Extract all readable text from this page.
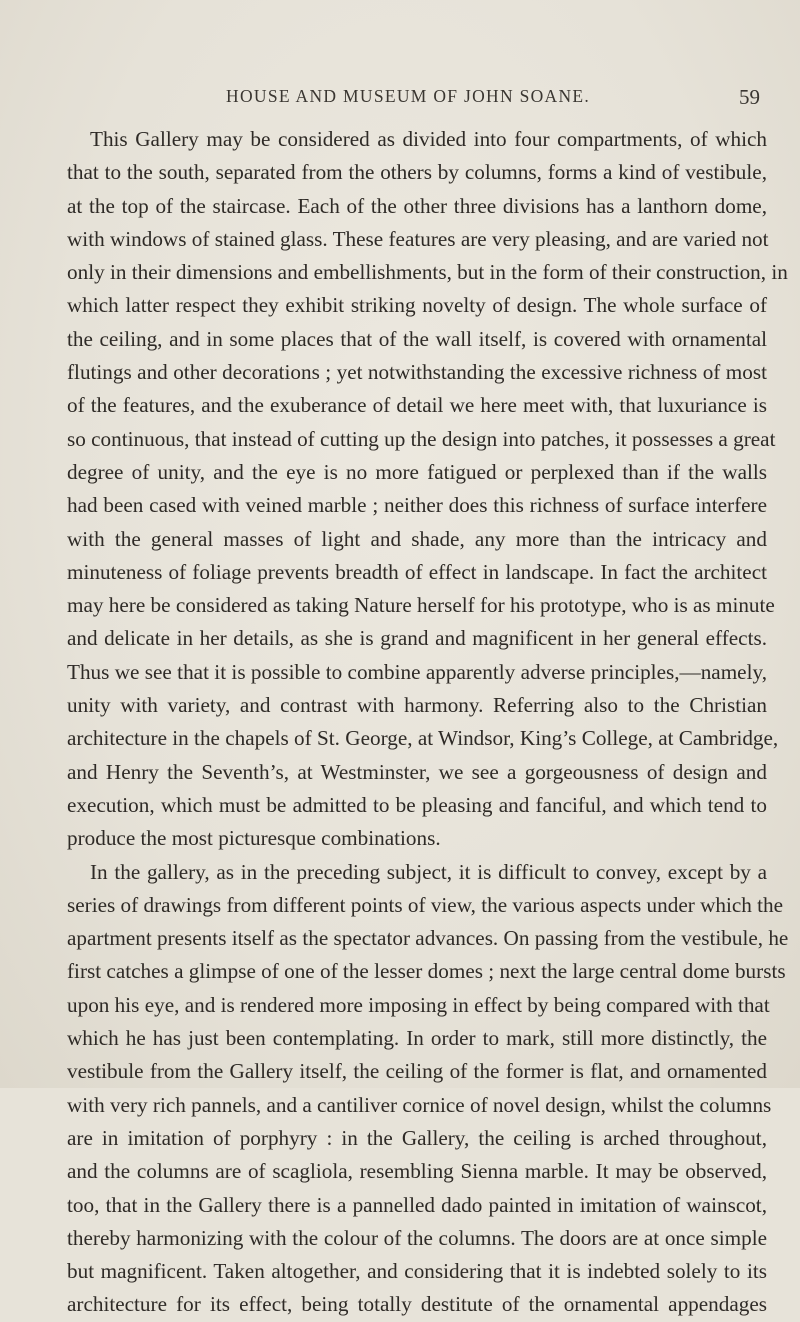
HOUSE AND MUSEUM OF JOHN SOANE.	59

This Gallery may be considered as divided into four compartments, of which
that to the south, separated from the others by columns, forms a kind of vestibule,
at the top of the staircase. Each of the other three divisions has a lanthorn dome,
with windows of stained glass. These features are very pleasing, and are varied not
only in their dimensions and embellishments, but in the form of their construction, in
which latter respect they exhibit striking novelty of design. The whole surface of
the ceiling, and in some places that of the wall itself, is covered with ornamental
flutings and other decorations ; yet notwithstanding the excessive richness of most
of the features, and the exuberance of detail we here meet with, that luxuriance is
so continuous, that instead of cutting up the design into patches, it possesses a great
degree of unity, and the eye is no more fatigued or perplexed than if the walls
had been cased with veined marble ; neither does this richness of surface interfere
with the general masses of light and shade, any more than the intricacy and
minuteness of foliage prevents breadth of effect in landscape. In fact the architect
may here be considered as taking Nature herself for his prototype, who is as minute
and delicate in her details, as she is grand and magnificent in her general effects.
Thus we see that it is possible to combine apparently adverse principles,—namely,
unity with variety, and contrast with harmony. Referring also to the Christian
architecture in the chapels of St. George, at Windsor, King’s College, at Cambridge,
and Henry the Seventh’s, at Westminster, we see a gorgeousness of design and
execution, which must be admitted to be pleasing and fanciful, and which tend to
produce the most picturesque combinations.

In the gallery, as in the preceding subject, it is difficult to convey, except by a
series of drawings from different points of view, the various aspects under which the
apartment presents itself as the spectator advances. On passing from the vestibule, he
first catches a glimpse of one of the lesser domes ; next the large central dome bursts
upon his eye, and is rendered more imposing in effect by being compared with that
which he has just been contemplating. In order to mark, still more distinctly, the
vestibule from the Gallery itself, the ceiling of the former is flat, and ornamented
with very rich pannels, and a cantiliver cornice of novel design, whilst the columns
are in imitation of porphyry : in the Gallery, the ceiling is arched throughout,
and the columns are of scagliola, resembling Sienna marble. It may be observed,
too, that in the Gallery there is a pannelled dado painted in imitation of wainscot,
thereby harmonizing with the colour of the columns. The doors are at once simple
but magnificent. Taken altogether, and considering that it is indebted solely to its
architecture for its effect, being totally destitute of the ornamental appendages
